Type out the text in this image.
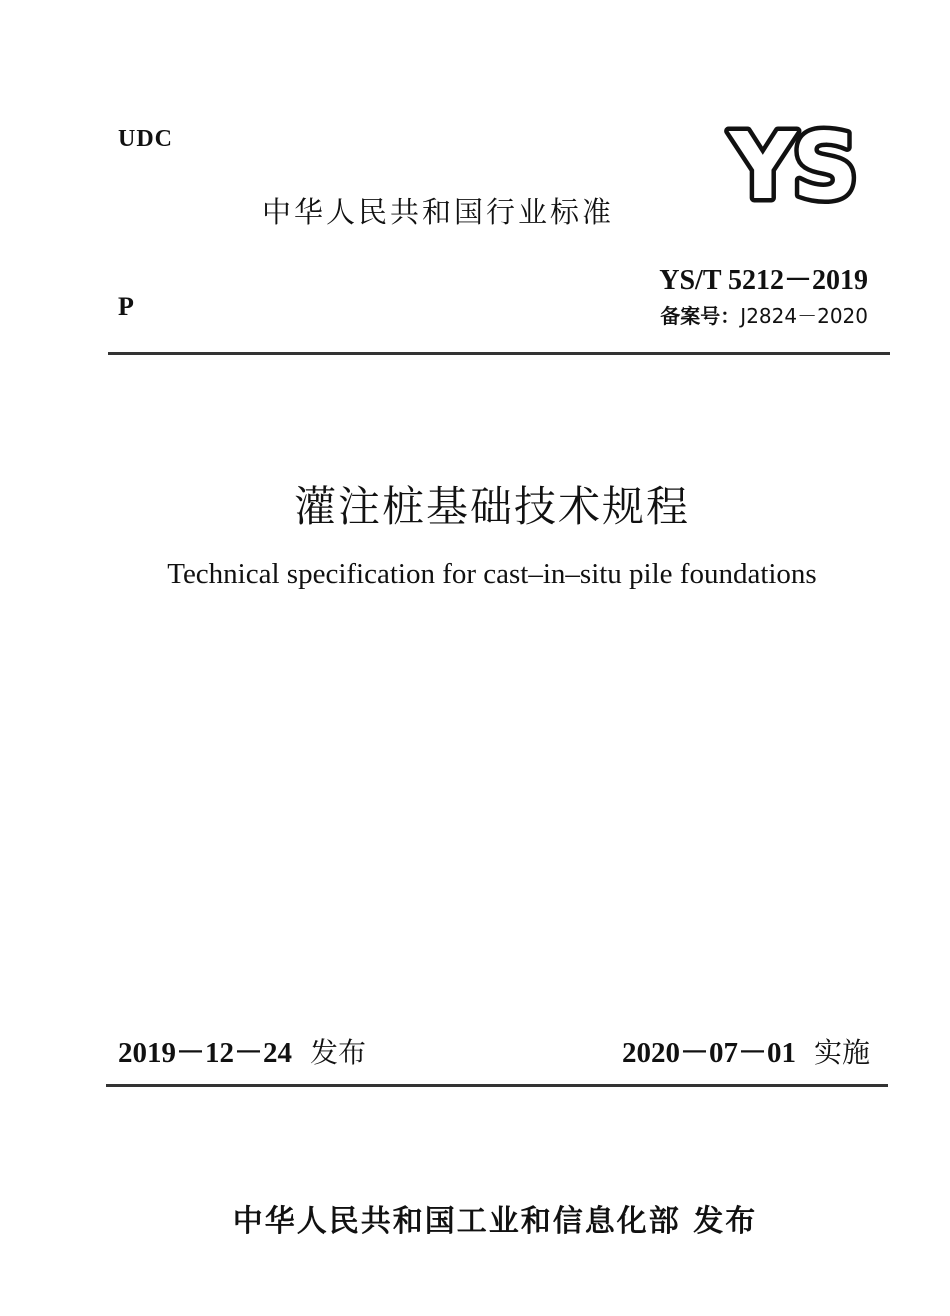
UDC
中华人民共和国行业标准 YS
P
YS/T 5212－2019
备案号：J2824－2020
灌注桩基础技术规程
Technical specification for cast–in–situ pile foundations
2019－12－24 发布	2020－07－01 实施
中华人民共和国工业和信息化部 发布
